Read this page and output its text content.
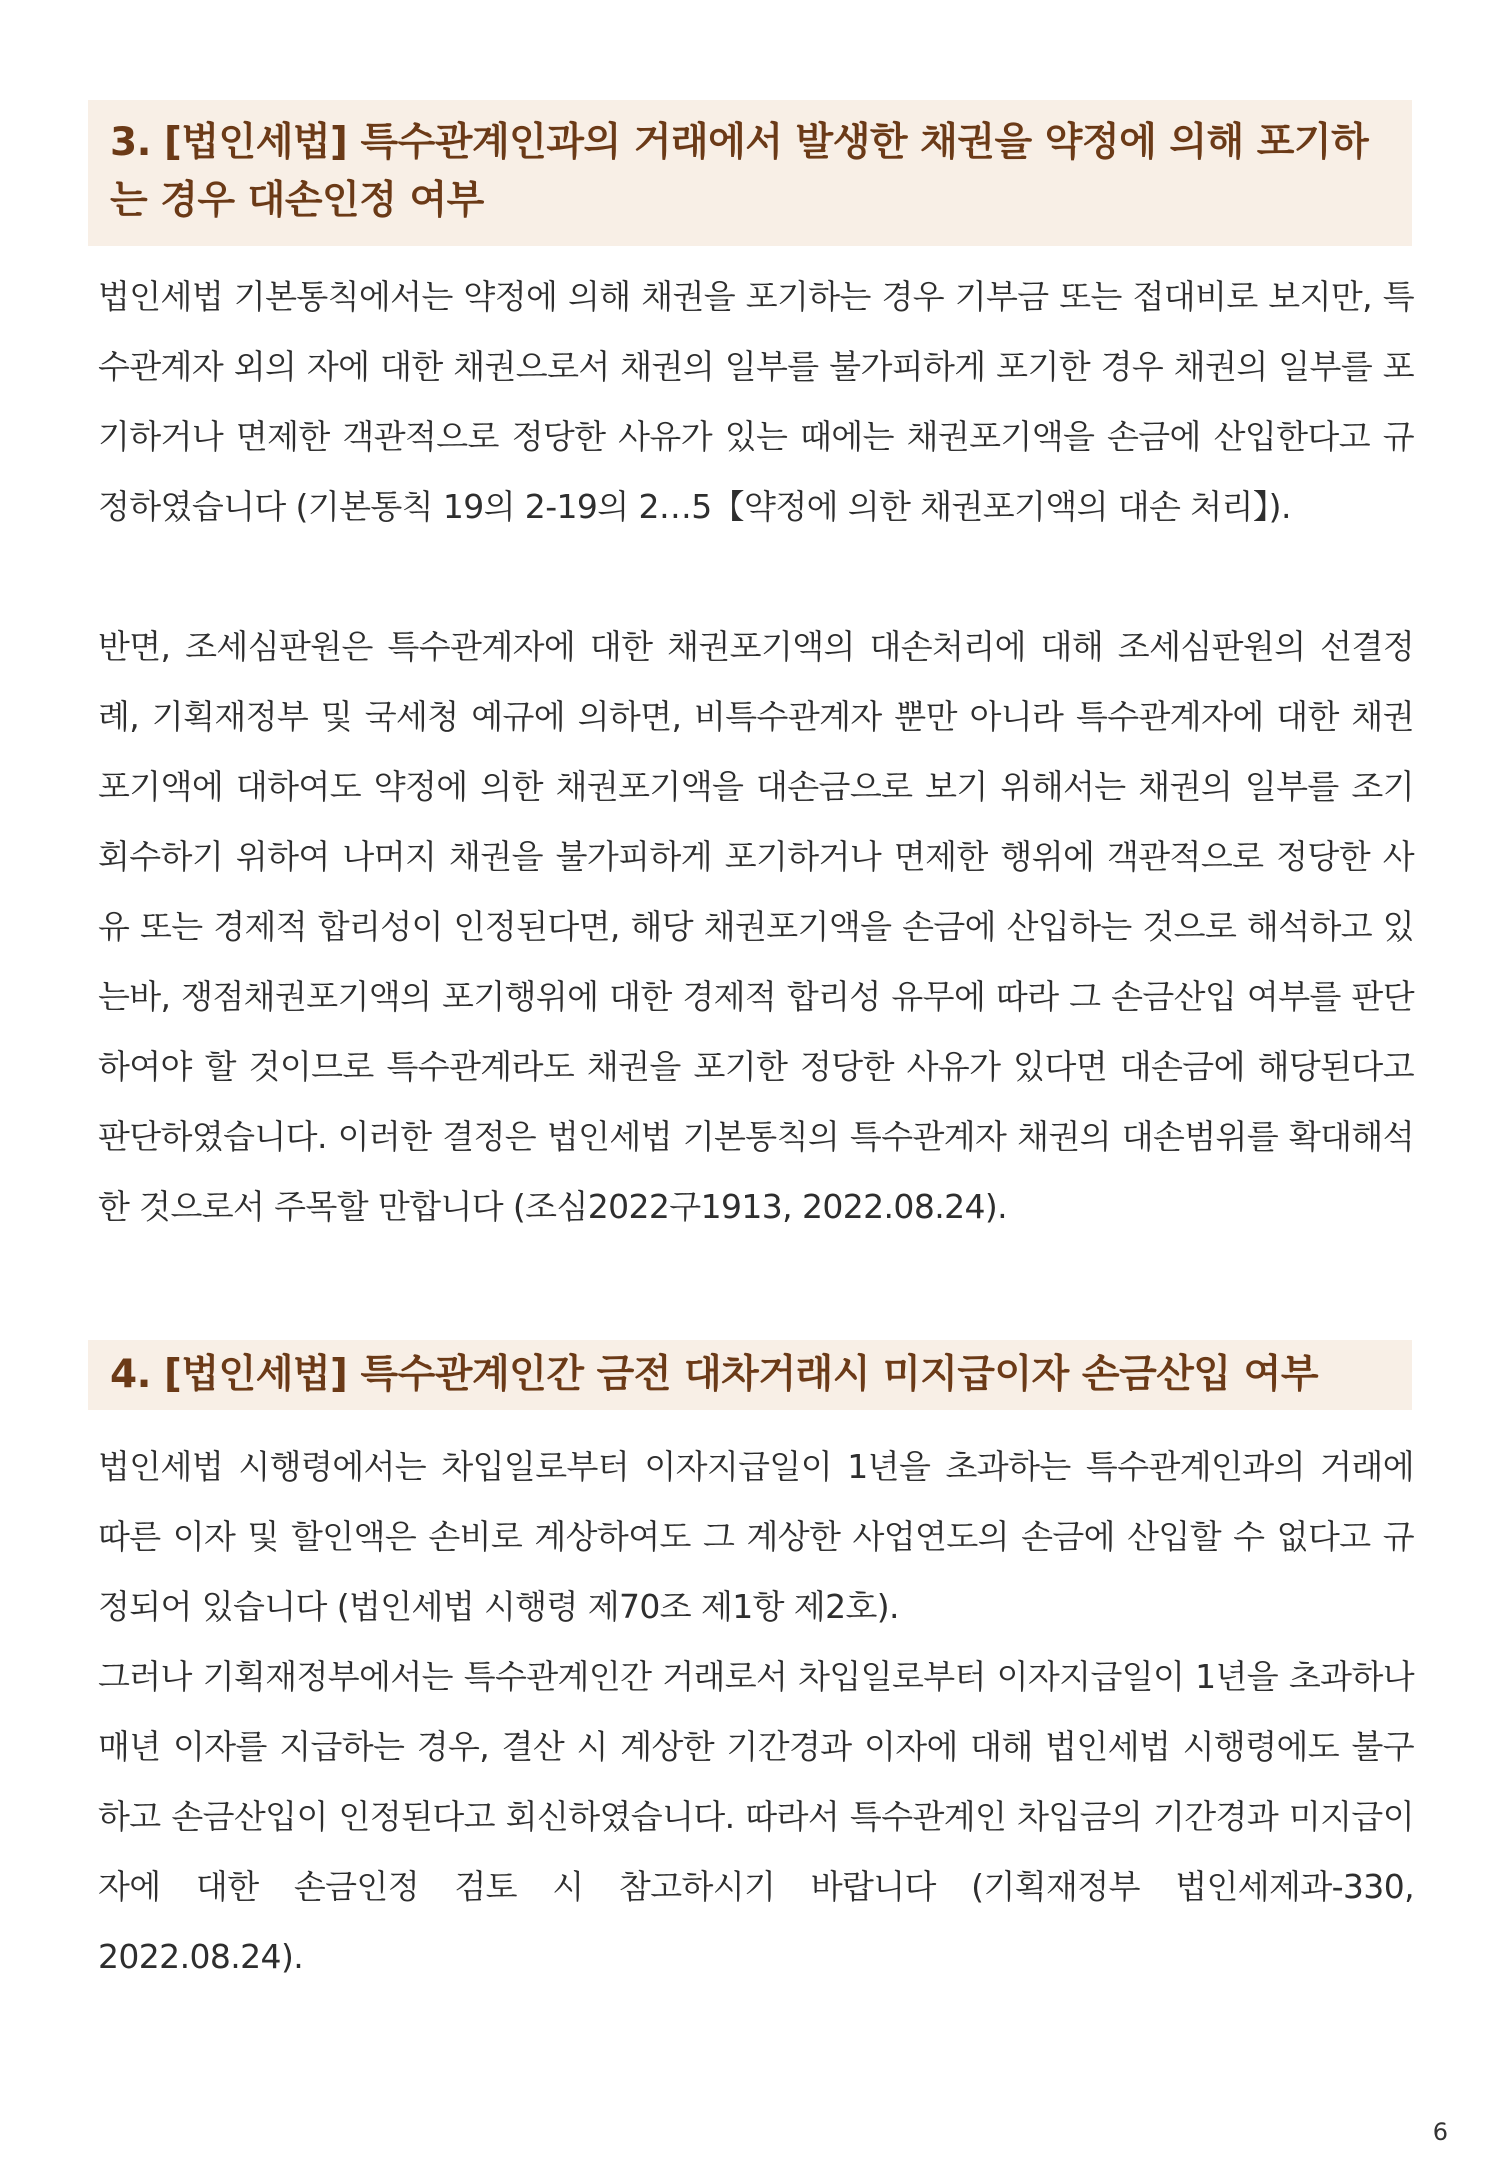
3. [법인세법] 특수관계인과의 거래에서 발생한 채권을 약정에 의해 포기하는 경우 대손인정 여부

법인세법 기본통칙에서는 약정에 의해 채권을 포기하는 경우 기부금 또는 접대비로 보지만, 특수관계자 외의 자에 대한 채권으로서 채권의 일부를 불가피하게 포기한 경우 채권의 일부를 포기하거나 면제한 객관적으로 정당한 사유가 있는 때에는 채권포기액을 손금에 산입한다고 규정하였습니다 (기본통칙 19의 2-19의 2…5【약정에 의한 채권포기액의 대손 처리】).

반면, 조세심판원은 특수관계자에 대한 채권포기액의 대손처리에 대해 조세심판원의 선결정례, 기획재정부 및 국세청 예규에 의하면, 비특수관계자 뿐만 아니라 특수관계자에 대한 채권포기액에 대하여도 약정에 의한 채권포기액을 대손금으로 보기 위해서는 채권의 일부를 조기 회수하기 위하여 나머지 채권을 불가피하게 포기하거나 면제한 행위에 객관적으로 정당한 사유 또는 경제적 합리성이 인정된다면, 해당 채권포기액을 손금에 산입하는 것으로 해석하고 있는바, 쟁점채권포기액의 포기행위에 대한 경제적 합리성 유무에 따라 그 손금산입 여부를 판단하여야 할 것이므로 특수관계라도 채권을 포기한 정당한 사유가 있다면 대손금에 해당된다고 판단하였습니다. 이러한 결정은 법인세법 기본통칙의 특수관계자 채권의 대손범위를 확대해석한 것으로서 주목할 만합니다 (조심2022구1913, 2022.08.24).

4. [법인세법] 특수관계인간 금전 대차거래시 미지급이자 손금산입 여부

법인세법 시행령에서는 차입일로부터 이자지급일이 1년을 초과하는 특수관계인과의 거래에 따른 이자 및 할인액은 손비로 계상하여도 그 계상한 사업연도의 손금에 산입할 수 없다고 규정되어 있습니다 (법인세법 시행령 제70조 제1항 제2호).

그러나 기획재정부에서는 특수관계인간 거래로서 차입일로부터 이자지급일이 1년을 초과하나 매년 이자를 지급하는 경우, 결산 시 계상한 기간경과 이자에 대해 법인세법 시행령에도 불구하고 손금산입이 인정된다고 회신하였습니다. 따라서 특수관계인 차입금의 기간경과 미지급이자에 대한 손금인정 검토 시 참고하시기 바랍니다 (기획재정부 법인세제과-330, 2022.08.24).

6
